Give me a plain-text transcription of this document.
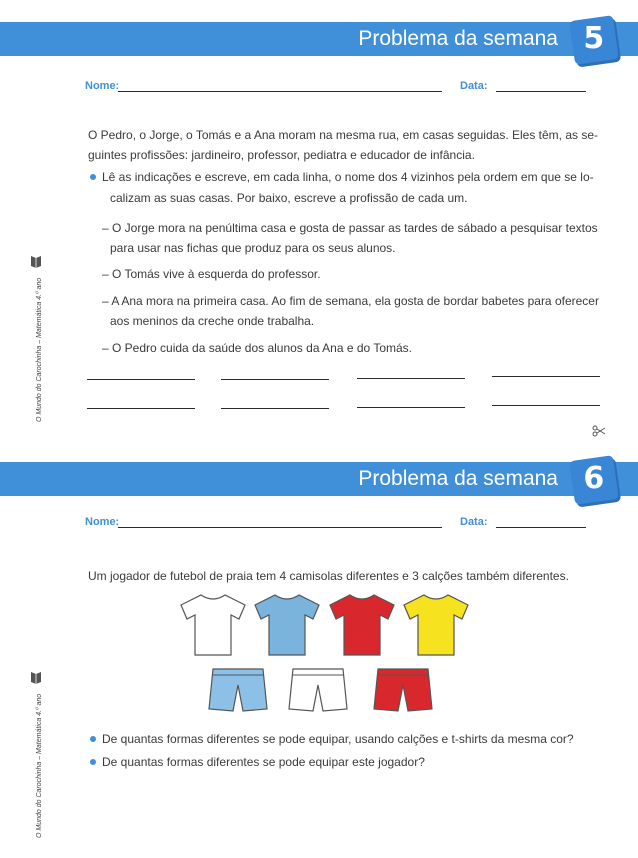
Problema da semana 5
Nome:	Data:
O Pedro, o Jorge, o Tomás e a Ana moram na mesma rua, em casas seguidas. Eles têm, as se-
guintes profissões: jardineiro, professor, pediatra e educador de infância.
Lê as indicações e escreve, em cada linha, o nome dos 4 vizinhos pela ordem em que se lo-
calizam as suas casas. Por baixo, escreve a profissão de cada um.
– O Jorge mora na penúltima casa e gosta de passar as tardes de sábado a pesquisar textos
para usar nas fichas que produz para os seus alunos.
– O Tomás vive à esquerda do professor.
– A Ana mora na primeira casa. Ao fim de semana, ela gosta de bordar babetes para oferecer
aos meninos da creche onde trabalha.
– O Pedro cuida da saúde dos alunos da Ana e do Tomás.
O Mundo do Carochinha – Matemática 4.º ano
Problema da semana 6
Nome:	Data:
Um jogador de futebol de praia tem 4 camisolas diferentes e 3 calções também diferentes.
De quantas formas diferentes se pode equipar, usando calções e t-shirts da mesma cor?
De quantas formas diferentes se pode equipar este jogador?
O Mundo do Carochinha – Matemática 4.º ano
